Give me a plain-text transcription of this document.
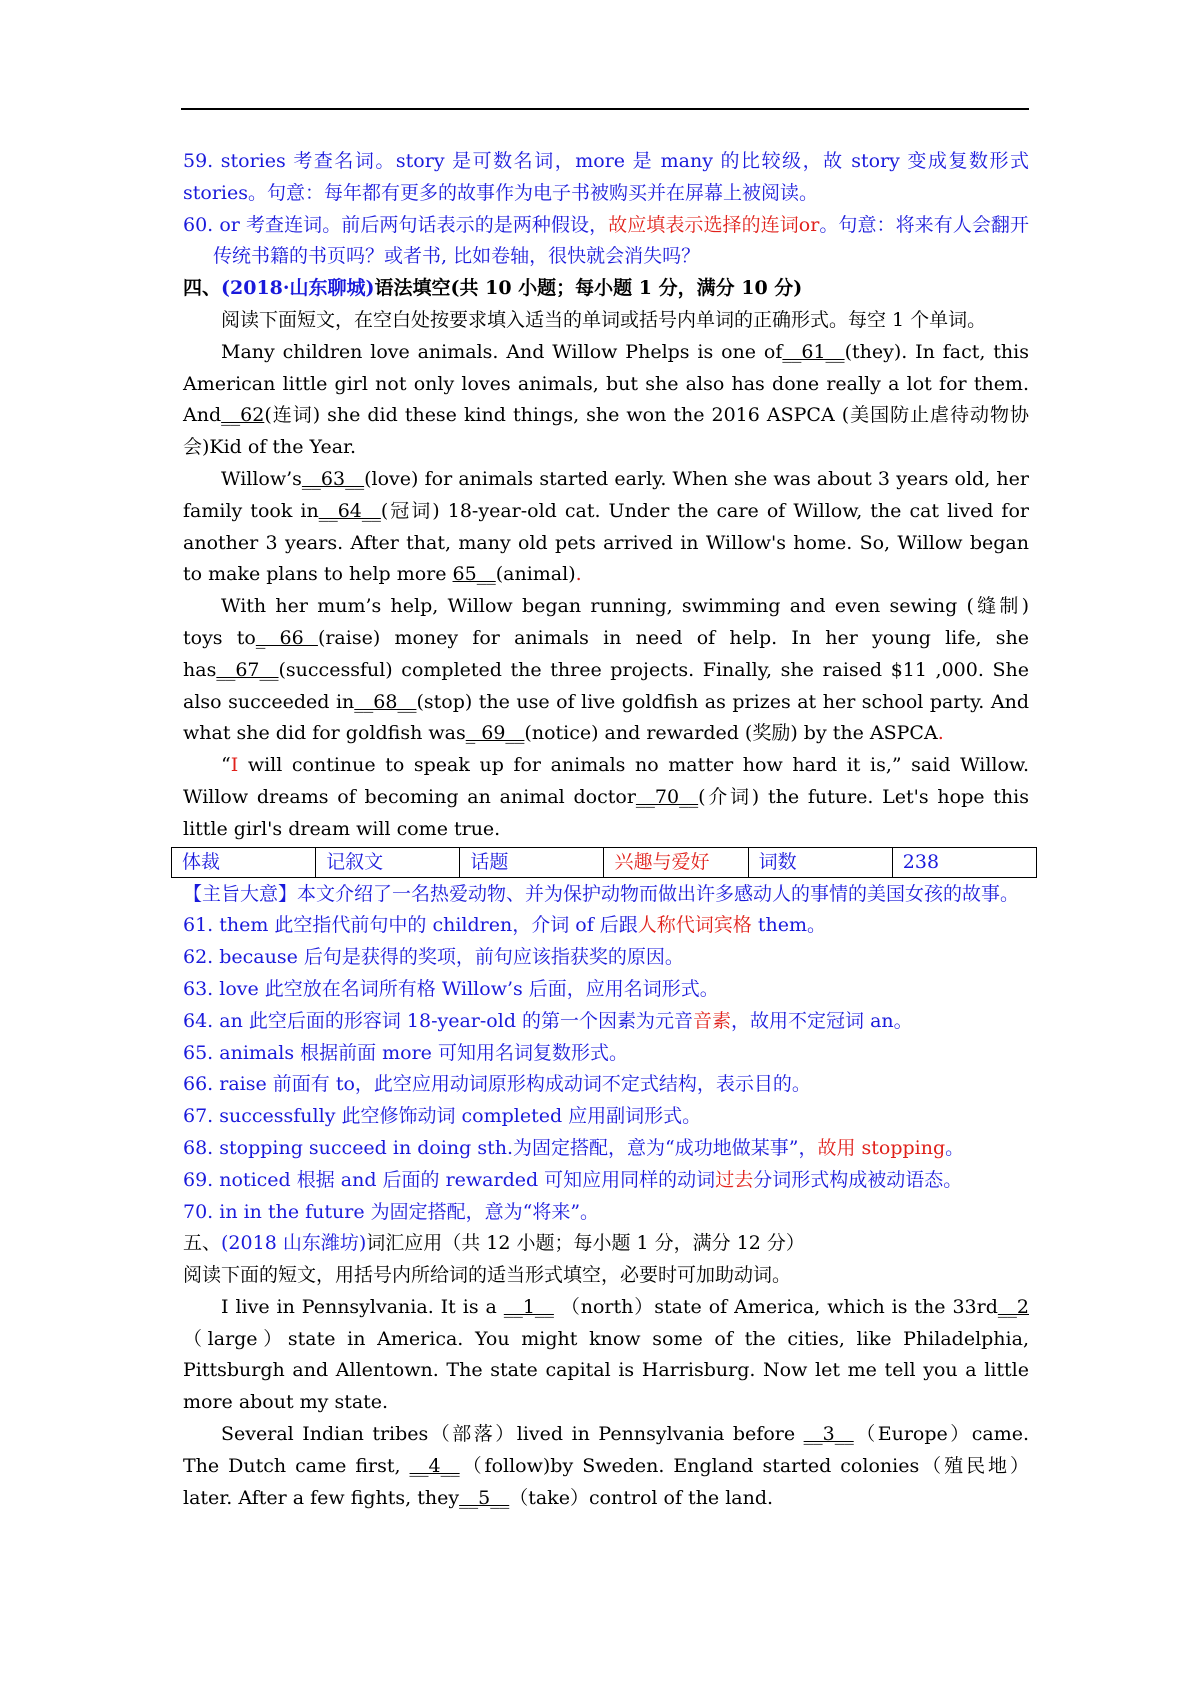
59. stories 考查名词。story 是可数名词，more 是 many 的比较级，故 story 变成复数形式 stories。句意：每年都有更多的故事作为电子书被购买并在屏幕上被阅读。

60. or 考查连词。前后两句话表示的是两种假设，故应填表示选择的连词or。句意：将来有人会翻开传统书籍的书页吗？或者书, 比如卷轴，很快就会消失吗？

四、(2018·山东聊城)语法填空(共 10 小题；每小题 1 分，满分 10 分)

阅读下面短文，在空白处按要求填入适当的单词或括号内单词的正确形式。每空 1 个单词。

Many children love animals. And Willow Phelps is one of__61__(they). In fact, this American little girl not only loves animals, but she also has done really a lot for them. And__62(连词) she did these kind things, she won the 2016 ASPCA (美国防止虐待动物协会)Kid of the Year.

Willow’s__63__(love) for animals started early. When she was about 3 years old, her family took in__64__(冠词) 18-year-old cat. Under the care of Willow, the cat lived for another 3 years. After that, many old pets arrived in Willow's home. So, Willow began to make plans to help more 65__(animal).

With her mum’s help, Willow began running, swimming and even sewing (缝制) toys to_ 66 (raise) money for animals in need of help. In her young life, she has__67__(successful) completed the three projects. Finally, she raised $11 ,000. She also succeeded in__68__(stop) the use of live goldfish as prizes at her school party. And what she did for goldfish was_ 69__(notice) and rewarded (奖励) by the ASPCA.

“I will continue to speak up for animals no matter how hard it is,” said Willow. Willow dreams of becoming an animal doctor__70__(介词) the future. Let's hope this little girl's dream will come true.

体裁	记叙文	话题	兴趣与爱好	词数	238

【主旨大意】本文介绍了一名热爱动物、并为保护动物而做出许多感动人的事情的美国女孩的故事。

61. them 此空指代前句中的 children，介词 of 后跟人称代词宾格 them。

62. because 后句是获得的奖项，前句应该指获奖的原因。

63. love 此空放在名词所有格 Willow’s 后面，应用名词形式。

64. an 此空后面的形容词 18-year-old 的第一个因素为元音音素，故用不定冠词 an。

65. animals 根据前面 more 可知用名词复数形式。

66. raise 前面有 to，此空应用动词原形构成动词不定式结构，表示目的。

67. successfully 此空修饰动词 completed 应用副词形式。

68. stopping succeed in doing sth.为固定搭配，意为“成功地做某事”，故用 stopping。

69. noticed 根据 and 后面的 rewarded 可知应用同样的动词过去分词形式构成被动语态。

70. in in the future 为固定搭配，意为“将来”。

五、(2018 山东潍坊)词汇应用（共 12 小题；每小题 1 分，满分 12 分）

阅读下面的短文，用括号内所给词的适当形式填空，必要时可加助动词。

I live in Pennsylvania. It is a __1__ （north）state of America, which is the 33rd__2（large）state in America. You might know some of the cities, like Philadelphia, Pittsburgh and Allentown. The state capital is Harrisburg. Now let me tell you a little more about my state.

Several Indian tribes（部落）lived in Pennsylvania before __3__（Europe）came. The Dutch came first, __4__（follow)by Sweden. England started colonies（殖民地）later. After a few fights, they__5__（take）control of the land.
